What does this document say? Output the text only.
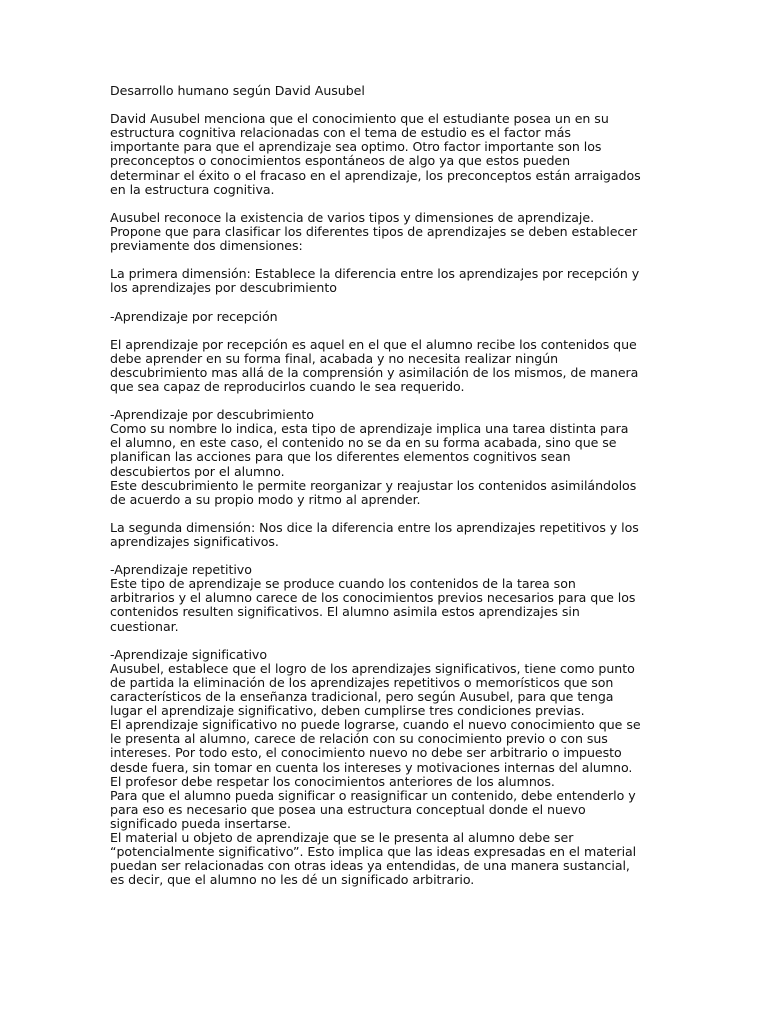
Desarrollo humano según David Ausubel

David Ausubel menciona que el conocimiento que el estudiante posea un en su
estructura cognitiva relacionadas con el tema de estudio es el factor más
importante para que el aprendizaje sea optimo. Otro factor importante son los
preconceptos o conocimientos espontáneos de algo ya que estos pueden
determinar el éxito o el fracaso en el aprendizaje, los preconceptos están arraigados
en la estructura cognitiva.

Ausubel reconoce la existencia de varios tipos y dimensiones de aprendizaje.
Propone que para clasificar los diferentes tipos de aprendizajes se deben establecer
previamente dos dimensiones:

La primera dimensión: Establece la diferencia entre los aprendizajes por recepción y
los aprendizajes por descubrimiento

-Aprendizaje por recepción

El aprendizaje por recepción es aquel en el que el alumno recibe los contenidos que
debe aprender en su forma final, acabada y no necesita realizar ningún
descubrimiento mas allá de la comprensión y asimilación de los mismos, de manera
que sea capaz de reproducirlos cuando le sea requerido.

-Aprendizaje por descubrimiento

Como su nombre lo indica, esta tipo de aprendizaje implica una tarea distinta para
el alumno, en este caso, el contenido no se da en su forma acabada, sino que se
planifican las acciones para que los diferentes elementos cognitivos sean
descubiertos por el alumno.
Este descubrimiento le permite reorganizar y reajustar los contenidos asimilándolos
de acuerdo a su propio modo y ritmo al aprender.

La segunda dimensión: Nos dice la diferencia entre los aprendizajes repetitivos y los
aprendizajes significativos.

-Aprendizaje repetitivo

Este tipo de aprendizaje se produce cuando los contenidos de la tarea son
arbitrarios y el alumno carece de los conocimientos previos necesarios para que los
contenidos resulten significativos. El alumno asimila estos aprendizajes sin
cuestionar.

-Aprendizaje significativo

Ausubel, establece que el logro de los aprendizajes significativos, tiene como punto
de partida la eliminación de los aprendizajes repetitivos o memorísticos que son
característicos de la enseñanza tradicional, pero según Ausubel, para que tenga
lugar el aprendizaje significativo, deben cumplirse tres condiciones previas.
El aprendizaje significativo no puede lograrse, cuando el nuevo conocimiento que se
le presenta al alumno, carece de relación con su conocimiento previo o con sus
intereses. Por todo esto, el conocimiento nuevo no debe ser arbitrario o impuesto
desde fuera, sin tomar en cuenta los intereses y motivaciones internas del alumno.
El profesor debe respetar los conocimientos anteriores de los alumnos.
Para que el alumno pueda significar o reasignificar un contenido, debe entenderlo y
para eso es necesario que posea una estructura conceptual donde el nuevo
significado pueda insertarse.
El material u objeto de aprendizaje que se le presenta al alumno debe ser
“potencialmente significativo”. Esto implica que las ideas expresadas en el material
puedan ser relacionadas con otras ideas ya entendidas, de una manera sustancial,
es decir, que el alumno no les dé un significado arbitrario.
